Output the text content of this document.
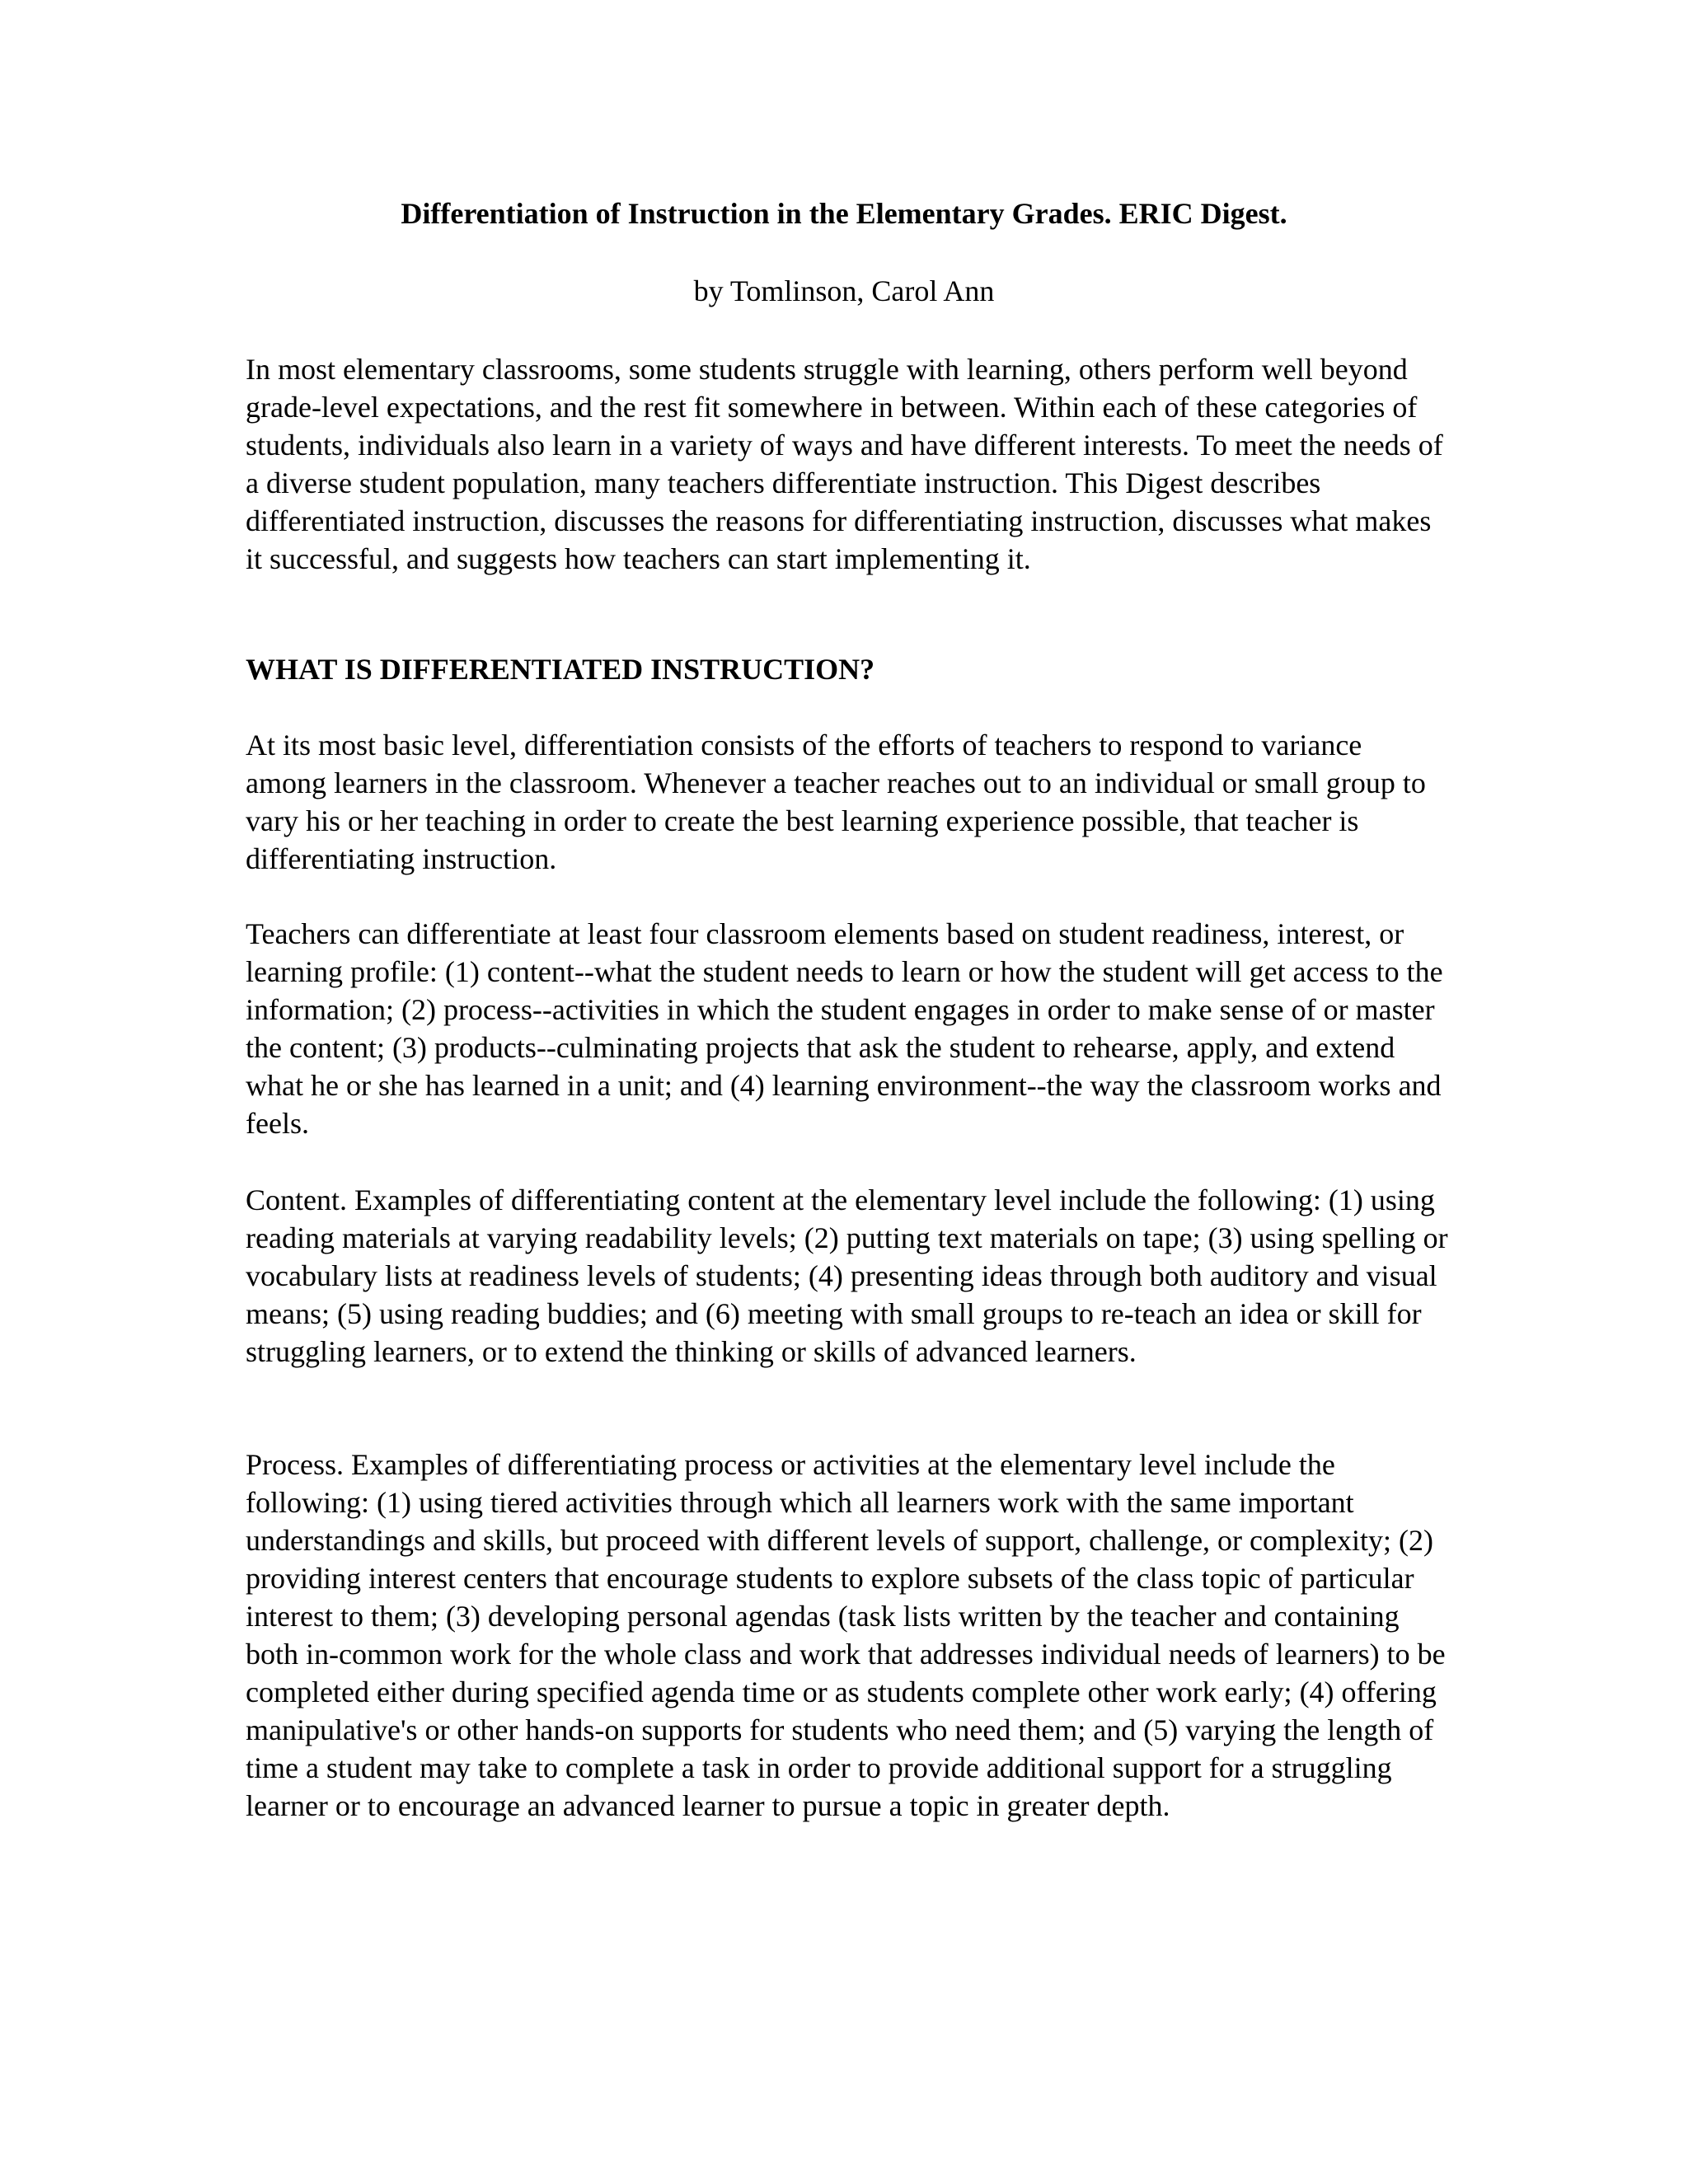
Differentiation of Instruction in the Elementary Grades. ERIC Digest.

by Tomlinson, Carol Ann

In most elementary classrooms, some students struggle with learning, others perform well beyond grade-level expectations, and the rest fit somewhere in between. Within each of these categories of students, individuals also learn in a variety of ways and have different interests. To meet the needs of a diverse student population, many teachers differentiate instruction. This Digest describes differentiated instruction, discusses the reasons for differentiating instruction, discusses what makes it successful, and suggests how teachers can start implementing it.

WHAT IS DIFFERENTIATED INSTRUCTION?

At its most basic level, differentiation consists of the efforts of teachers to respond to variance among learners in the classroom. Whenever a teacher reaches out to an individual or small group to vary his or her teaching in order to create the best learning experience possible, that teacher is differentiating instruction.

Teachers can differentiate at least four classroom elements based on student readiness, interest, or learning profile: (1) content--what the student needs to learn or how the student will get access to the information; (2) process--activities in which the student engages in order to make sense of or master the content; (3) products--culminating projects that ask the student to rehearse, apply, and extend what he or she has learned in a unit; and (4) learning environment--the way the classroom works and feels.

Content. Examples of differentiating content at the elementary level include the following: (1) using reading materials at varying readability levels; (2) putting text materials on tape; (3) using spelling or vocabulary lists at readiness levels of students; (4) presenting ideas through both auditory and visual means; (5) using reading buddies; and (6) meeting with small groups to re-teach an idea or skill for struggling learners, or to extend the thinking or skills of advanced learners.

Process. Examples of differentiating process or activities at the elementary level include the following: (1) using tiered activities through which all learners work with the same important understandings and skills, but proceed with different levels of support, challenge, or complexity; (2) providing interest centers that encourage students to explore subsets of the class topic of particular interest to them; (3) developing personal agendas (task lists written by the teacher and containing both in-common work for the whole class and work that addresses individual needs of learners) to be completed either during specified agenda time or as students complete other work early; (4) offering manipulative's or other hands-on supports for students who need them; and (5) varying the length of time a student may take to complete a task in order to provide additional support for a struggling learner or to encourage an advanced learner to pursue a topic in greater depth.
